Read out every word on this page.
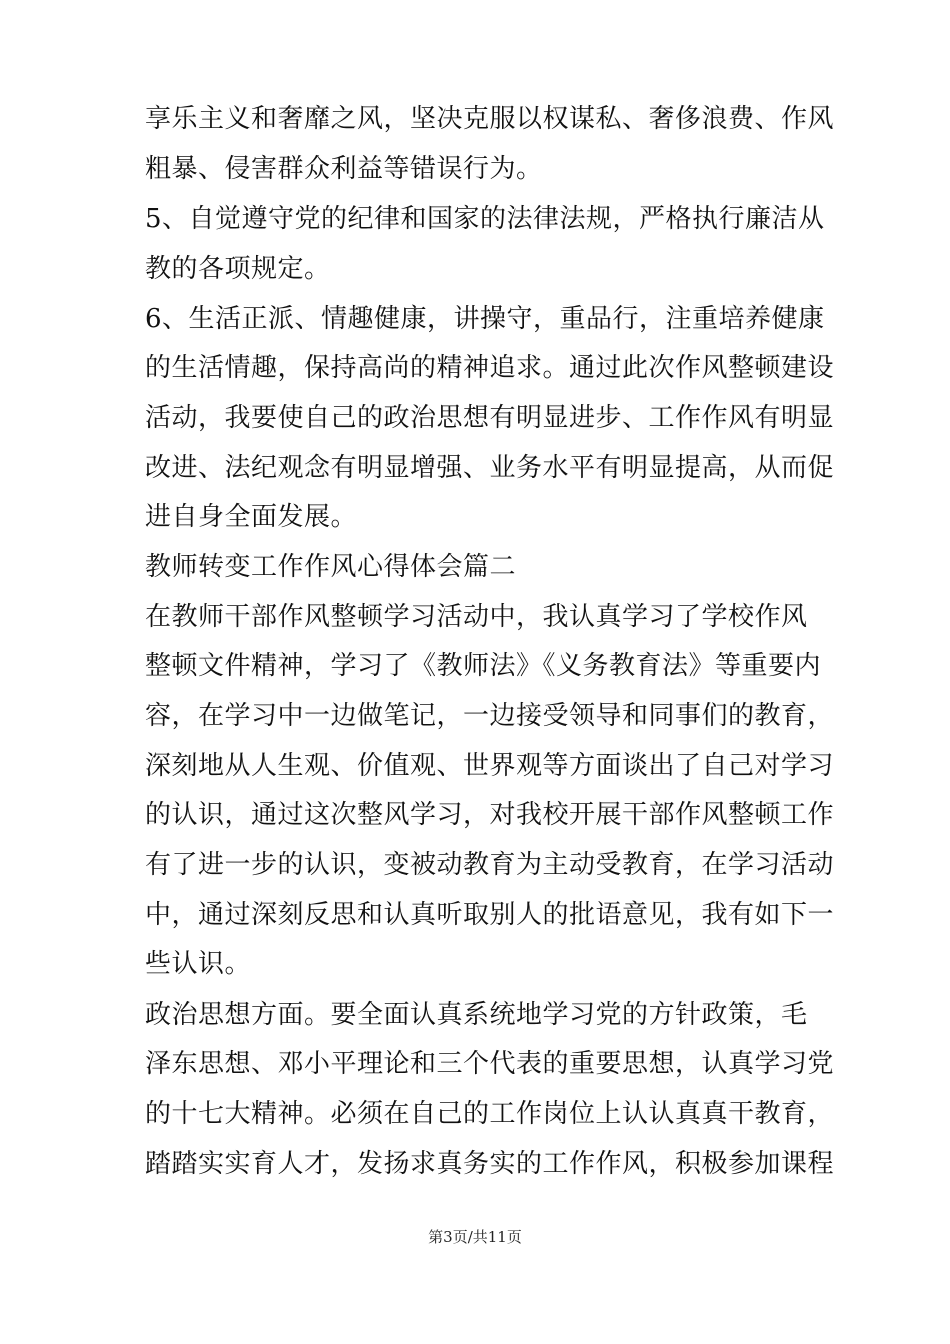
享乐主义和奢靡之风，坚决克服以权谋私、奢侈浪费、作风
粗暴、侵害群众利益等错误行为。
5、自觉遵守党的纪律和国家的法律法规，严格执行廉洁从
教的各项规定。
6、生活正派、情趣健康，讲操守，重品行，注重培养健康
的生活情趣，保持高尚的精神追求。通过此次作风整顿建设
活动，我要使自己的政治思想有明显进步、工作作风有明显
改进、法纪观念有明显增强、业务水平有明显提高，从而促
进自身全面发展。
教师转变工作作风心得体会篇二
在教师干部作风整顿学习活动中，我认真学习了学校作风
整顿文件精神，学习了《教师法》《义务教育法》等重要内
容，在学习中一边做笔记，一边接受领导和同事们的教育，
深刻地从人生观、价值观、世界观等方面谈出了自己对学习
的认识，通过这次整风学习，对我校开展干部作风整顿工作
有了进一步的认识，变被动教育为主动受教育，在学习活动
中，通过深刻反思和认真听取别人的批语意见，我有如下一
些认识。
政治思想方面。要全面认真系统地学习党的方针政策，毛
泽东思想、邓小平理论和三个代表的重要思想，认真学习党
的十七大精神。必须在自己的工作岗位上认认真真干教育，
踏踏实实育人才，发扬求真务实的工作作风，积极参加课程
第3页/共11页
